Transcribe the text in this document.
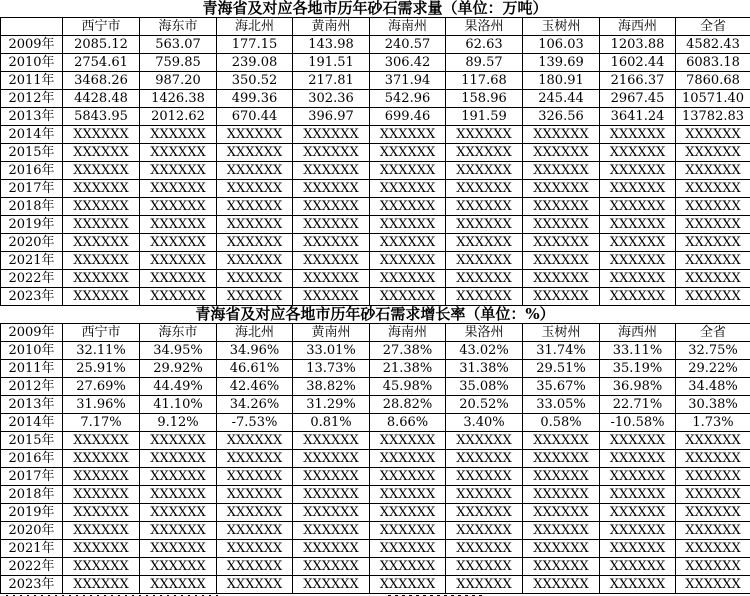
青海省及对应各地市历年砂石需求量（单位：万吨）
	西宁市	海东市	海北州	黄南州	海南州	果洛州	玉树州	海西州	全省
2009年	2085.12	563.07	177.15	143.98	240.57	62.63	106.03	1203.88	4582.43
2010年	2754.61	759.85	239.08	191.51	306.42	89.57	139.69	1602.44	6083.18
2011年	3468.26	987.20	350.52	217.81	371.94	117.68	180.91	2166.37	7860.68
2012年	4428.48	1426.38	499.36	302.36	542.96	158.96	245.44	2967.45	10571.40
2013年	5843.95	2012.62	670.44	396.97	699.46	191.59	326.56	3641.24	13782.83
2014年	XXXXXX	XXXXXX	XXXXXX	XXXXXX	XXXXXX	XXXXXX	XXXXXX	XXXXXX	XXXXXX
2015年	XXXXXX	XXXXXX	XXXXXX	XXXXXX	XXXXXX	XXXXXX	XXXXXX	XXXXXX	XXXXXX
2016年	XXXXXX	XXXXXX	XXXXXX	XXXXXX	XXXXXX	XXXXXX	XXXXXX	XXXXXX	XXXXXX
2017年	XXXXXX	XXXXXX	XXXXXX	XXXXXX	XXXXXX	XXXXXX	XXXXXX	XXXXXX	XXXXXX
2018年	XXXXXX	XXXXXX	XXXXXX	XXXXXX	XXXXXX	XXXXXX	XXXXXX	XXXXXX	XXXXXX
2019年	XXXXXX	XXXXXX	XXXXXX	XXXXXX	XXXXXX	XXXXXX	XXXXXX	XXXXXX	XXXXXX
2020年	XXXXXX	XXXXXX	XXXXXX	XXXXXX	XXXXXX	XXXXXX	XXXXXX	XXXXXX	XXXXXX
2021年	XXXXXX	XXXXXX	XXXXXX	XXXXXX	XXXXXX	XXXXXX	XXXXXX	XXXXXX	XXXXXX
2022年	XXXXXX	XXXXXX	XXXXXX	XXXXXX	XXXXXX	XXXXXX	XXXXXX	XXXXXX	XXXXXX
2023年	XXXXXX	XXXXXX	XXXXXX	XXXXXX	XXXXXX	XXXXXX	XXXXXX	XXXXXX	XXXXXX
青海省及对应各地市历年砂石需求增长率（单位：%）
2009年	西宁市	海东市	海北州	黄南州	海南州	果洛州	玉树州	海西州	全省
2010年	32.11%	34.95%	34.96%	33.01%	27.38%	43.02%	31.74%	33.11%	32.75%
2011年	25.91%	29.92%	46.61%	13.73%	21.38%	31.38%	29.51%	35.19%	29.22%
2012年	27.69%	44.49%	42.46%	38.82%	45.98%	35.08%	35.67%	36.98%	34.48%
2013年	31.96%	41.10%	34.26%	31.29%	28.82%	20.52%	33.05%	22.71%	30.38%
2014年	7.17%	9.12%	-7.53%	0.81%	8.66%	3.40%	0.58%	-10.58%	1.73%
2015年	XXXXXX	XXXXXX	XXXXXX	XXXXXX	XXXXXX	XXXXXX	XXXXXX	XXXXXX	XXXXXX
2016年	XXXXXX	XXXXXX	XXXXXX	XXXXXX	XXXXXX	XXXXXX	XXXXXX	XXXXXX	XXXXXX
2017年	XXXXXX	XXXXXX	XXXXXX	XXXXXX	XXXXXX	XXXXXX	XXXXXX	XXXXXX	XXXXXX
2018年	XXXXXX	XXXXXX	XXXXXX	XXXXXX	XXXXXX	XXXXXX	XXXXXX	XXXXXX	XXXXXX
2019年	XXXXXX	XXXXXX	XXXXXX	XXXXXX	XXXXXX	XXXXXX	XXXXXX	XXXXXX	XXXXXX
2020年	XXXXXX	XXXXXX	XXXXXX	XXXXXX	XXXXXX	XXXXXX	XXXXXX	XXXXXX	XXXXXX
2021年	XXXXXX	XXXXXX	XXXXXX	XXXXXX	XXXXXX	XXXXXX	XXXXXX	XXXXXX	XXXXXX
2022年	XXXXXX	XXXXXX	XXXXXX	XXXXXX	XXXXXX	XXXXXX	XXXXXX	XXXXXX	XXXXXX
2023年	XXXXXX	XXXXXX	XXXXXX	XXXXXX	XXXXXX	XXXXXX	XXXXXX	XXXXXX	XXXXXX
